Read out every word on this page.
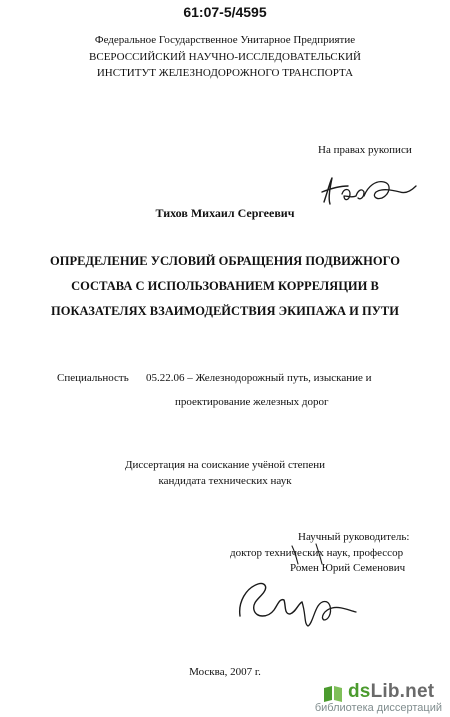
61:07-5/4595
Федеральное Государственное Унитарное Предприятие
ВСЕРОССИЙСКИЙ НАУЧНО-ИССЛЕДОВАТЕЛЬСКИЙ
ИНСТИТУТ ЖЕЛЕЗНОДОРОЖНОГО ТРАНСПОРТА
На правах рукописи
Тихов Михаил Сергеевич
ОПРЕДЕЛЕНИЕ УСЛОВИЙ ОБРАЩЕНИЯ ПОДВИЖНОГО
СОСТАВА С ИСПОЛЬЗОВАНИЕМ КОРРЕЛЯЦИИ В
ПОКАЗАТЕЛЯХ ВЗАИМОДЕЙСТВИЯ ЭКИПАЖА И ПУТИ
Специальность 05.22.06 – Железнодорожный путь, изыскание и
проектирование железных дорог
Диссертация на соискание учёной степени
кандидата технических наук
Научный руководитель:
доктор технических наук, профессор
Ромен Юрий Семенович
Москва, 2007 г.
dsLib.net
библиотека диссертаций
